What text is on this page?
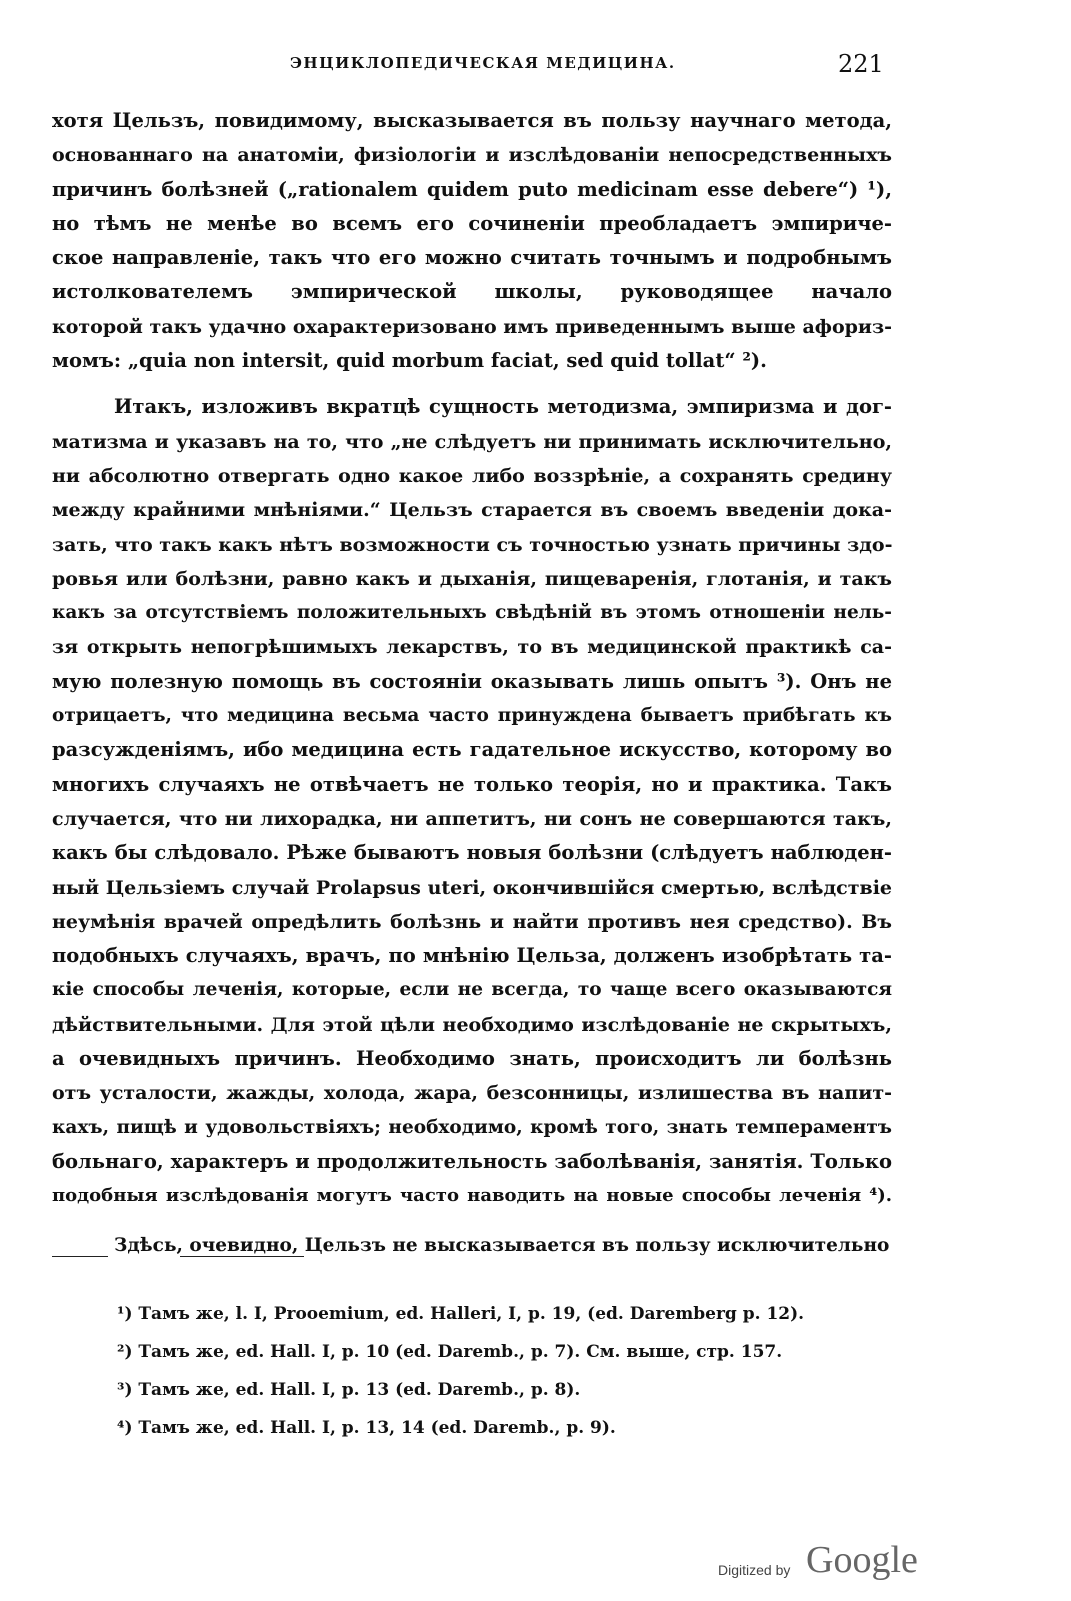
ЭНЦИКЛОПЕДИЧЕСКАЯ МЕДИЦИНА.	221
хотя Цельзъ, повидимому, высказывается въ пользу научнаго метода,
основаннаго на анатоміи, физіологіи и изслѣдованіи непосредственныхъ
причинъ болѣзней („rationalem quidem puto medicinam esse debere“) ¹),
но тѣмъ не менѣе во всемъ его сочиненіи преобладаетъ эмпириче-
ское направленіе, такъ что его можно считать точнымъ и подробнымъ
истолкователемъ эмпирической школы, руководящее начало
которой такъ удачно охарактеризовано имъ приведеннымъ выше афориз-
момъ: „quia non intersit, quid morbum faciat, sed quid tollat“ ²).
Итакъ, изложивъ вкратцѣ сущность методизма, эмпиризма и дог-
матизма и указавъ на то, что „не слѣдуетъ ни принимать исключительно,
ни абсолютно отвергать одно какое либо воззрѣніе, а сохранять средину
между крайними мнѣніями.“ Цельзъ старается въ своемъ введеніи дока-
зать, что такъ какъ нѣтъ возможности съ точностью узнать причины здо-
ровья или болѣзни, равно какъ и дыханія, пищеваренія, глотанія, и такъ
какъ за отсутствіемъ положительныхъ свѣдѣній въ этомъ отношеніи нель-
зя открыть непогрѣшимыхъ лекарствъ, то въ медицинской практикѣ са-
мую полезную помощь въ состояніи оказывать лишь опытъ ³). Онъ не
отрицаетъ, что медицина весьма часто принуждена бываетъ прибѣгать къ
разсужденіямъ, ибо медицина есть гадательное искусство, которому во
многихъ случаяхъ не отвѣчаетъ не только теорія, но и практика. Такъ
случается, что ни лихорадка, ни аппетитъ, ни сонъ не совершаются такъ,
какъ бы слѣдовало. Рѣже бываютъ новыя болѣзни (слѣдуетъ наблюден-
ный Цельзіемъ случай Prolapsus uteri, окончившійся смертью, вслѣдствіе
неумѣнія врачей опредѣлить болѣзнь и найти противъ нея средство). Въ
подобныхъ случаяхъ, врачъ, по мнѣнію Цельза, долженъ изобрѣтать та-
кіе способы леченія, которые, если не всегда, то чаще всего оказываются
дѣйствительными. Для этой цѣли необходимо изслѣдованіе не скрытыхъ,
а очевидныхъ причинъ. Необходимо знать, происходитъ ли болѣзнь
отъ усталости, жажды, холода, жара, безсонницы, излишества въ напит-
кахъ, пищѣ и удовольствіяхъ; необходимо, кромѣ того, знать темпераментъ
больнаго, характеръ и продолжительность заболѣванія, занятія. Только
подобныя изслѣдованія могутъ часто наводить на новые способы леченія ⁴).
Здѣсь, очевидно, Цельзъ не высказывается въ пользу исключительно
¹) Тамъ же, l. I, Prooemium, ed. Halleri, I, p. 19, (ed. Daremberg p. 12).
²) Тамъ же, ed. Hall. I, p. 10 (ed. Daremb., p. 7). См. выше, стр. 157.
³) Тамъ же, ed. Hall. I, p. 13 (ed. Daremb., p. 8).
⁴) Тамъ же, ed. Hall. I, p. 13, 14 (ed. Daremb., p. 9).
Digitized by Google
